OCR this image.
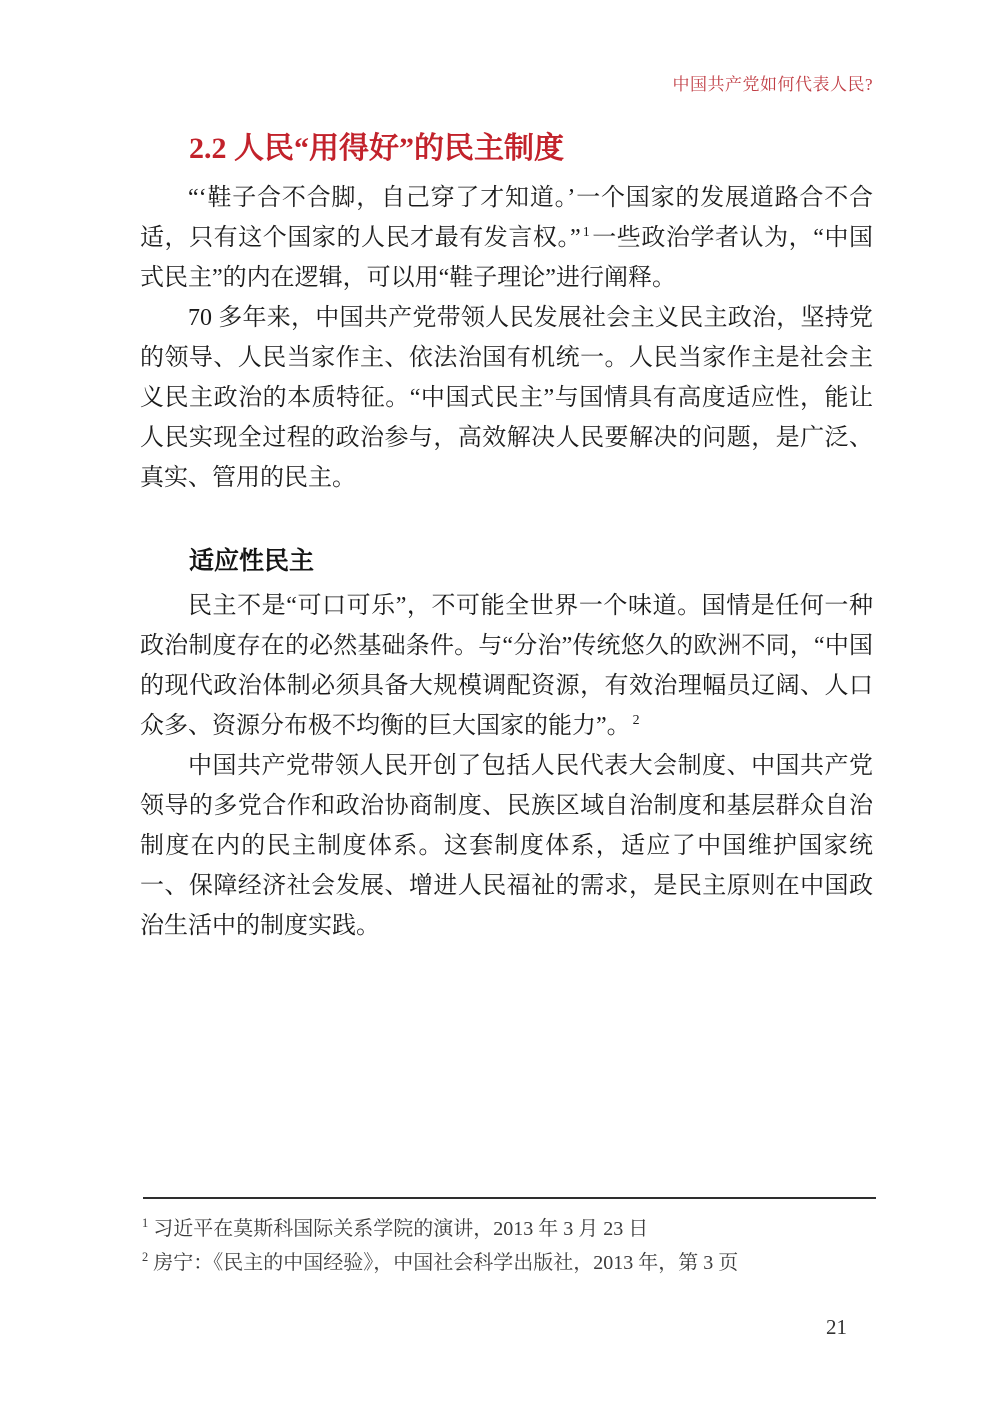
中国共产党如何代表人民?
2.2 人民“用得好”的民主制度

“‘鞋子合不合脚，自己穿了才知道。’一个国家的发展道路合不合适，只有这个国家的人民才最有发言权。” $^1$一些政治学者认为，“中国式民主”的内在逻辑，可以用“鞋子理论”进行阐释。

70 多年来，中国共产党带领人民发展社会主义民主政治，坚持党的领导、人民当家作主、依法治国有机统一。人民当家作主是社会主义民主政治的本质特征。“中国式民主”与国情具有高度适应性，能让人民实现全过程的政治参与，高效解决人民要解决的问题，是广泛、真实、管用的民主。

适应性民主

民主不是“可口可乐”，不可能全世界一个味道。国情是任何一种政治制度存在的必然基础条件。与“分治”传统悠久的欧洲不同，“中国的现代政治体制必须具备大规模调配资源，有效治理幅员辽阔、人口众多、资源分布极不均衡的巨大国家的能力”。 $^2$

中国共产党带领人民开创了包括人民代表大会制度、中国共产党领导的多党合作和政治协商制度、民族区域自治制度和基层群众自治制度在内的民主制度体系。这套制度体系，适应了中国维护国家统一、保障经济社会发展、增进人民福祉的需求，是民主原则在中国政治生活中的制度实践。

$^1$ 习近平在莫斯科国际关系学院的演讲，2013 年 3 月 23 日
$^2$ 房宁：《民主的中国经验》，中国社会科学出版社，2013 年，第 3 页
21
